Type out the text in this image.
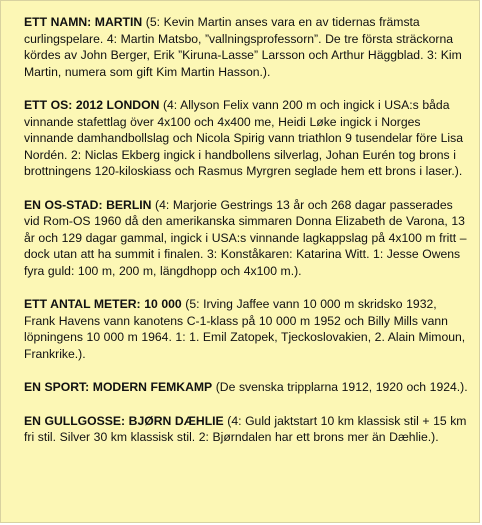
ETT NAMN: MARTIN (5: Kevin Martin anses vara en av tidernas främsta curlingspelare. 4: Martin Matsbo, ”vallningsprofessorn”. De tre första sträckorna kördes av John Berger, Erik ”Kiruna-Lasse” Larsson och Arthur Häggblad. 3: Kim Martin, numera som gift Kim Martin Hasson.).

ETT OS: 2012 LONDON (4: Allyson Felix vann 200 m och ingick i USA:s båda vinnande stafettlag över 4x100 och 4x400 me, Heidi Løke ingick i Norges vinnande damhandbollslag och Nicola Spirig vann triathlon 9 tusendelar före Lisa Nordén. 2: Niclas Ekberg ingick i handbollens silverlag, Johan Eurén tog brons i brottningens 120-kiloskiass och Rasmus Myrgren seglade hem ett brons i laser.).

EN OS-STAD: BERLIN (4: Marjorie Gestrings 13 år och 268 dagar passerades vid Rom-OS 1960 då den amerikanska simmaren Donna Elizabeth de Varona, 13 år och 129 dagar gammal, ingick i USA:s vinnande lagkappslag på 4x100 m fritt – dock utan att ha summit i finalen. 3: Konståkaren: Katarina Witt. 1: Jesse Owens fyra guld: 100 m, 200 m, längdhopp och 4x100 m.).

ETT ANTAL METER: 10 000 (5: Irving Jaffee vann 10 000 m skridsko 1932, Frank Havens vann kanotens C-1-klass på 10 000 m 1952 och Billy Mills vann löpningens 10 000 m 1964. 1: 1. Emil Zatopek, Tjeckoslovakien, 2. Alain Mimoun, Frankrike.).

EN SPORT: MODERN FEMKAMP (De svenska tripplarna 1912, 1920 och 1924.).

EN GULLGOSSE: BJØRN DÆHLIE (4: Guld jaktstart 10 km klassisk stil + 15 km fri stil. Silver 30 km klassisk stil. 2: Bjørndalen har ett brons mer än Dæhlie.).
